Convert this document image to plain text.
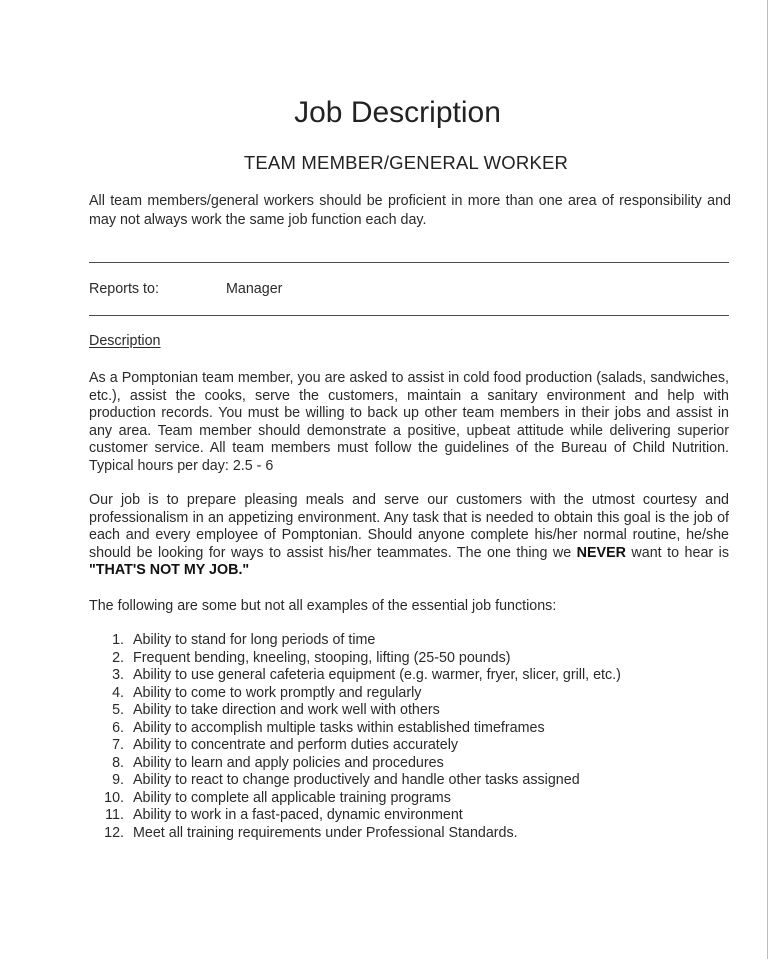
Job Description
TEAM MEMBER/GENERAL WORKER
All team members/general workers should be proficient in more than one area of responsibility and may not always work the same job function each day.
Reports to:	Manager
Description

As a Pomptonian team member, you are asked to assist in cold food production (salads, sandwiches, etc.), assist the cooks, serve the customers, maintain a sanitary environment and help with production records. You must be willing to back up other team members in their jobs and assist in any area. Team member should demonstrate a positive, upbeat attitude while delivering superior customer service. All team members must follow the guidelines of the Bureau of Child Nutrition. Typical hours per day: 2.5 - 6

Our job is to prepare pleasing meals and serve our customers with the utmost courtesy and professionalism in an appetizing environment. Any task that is needed to obtain this goal is the job of each and every employee of Pomptonian. Should anyone complete his/her normal routine, he/she should be looking for ways to assist his/her teammates. The one thing we NEVER want to hear is "THAT'S NOT MY JOB."

The following are some but not all examples of the essential job functions:

1. Ability to stand for long periods of time
2. Frequent bending, kneeling, stooping, lifting (25-50 pounds)
3. Ability to use general cafeteria equipment (e.g. warmer, fryer, slicer, grill, etc.)
4. Ability to come to work promptly and regularly
5. Ability to take direction and work well with others
6. Ability to accomplish multiple tasks within established timeframes
7. Ability to concentrate and perform duties accurately
8. Ability to learn and apply policies and procedures
9. Ability to react to change productively and handle other tasks assigned
10. Ability to complete all applicable training programs
11. Ability to work in a fast-paced, dynamic environment
12. Meet all training requirements under Professional Standards.
